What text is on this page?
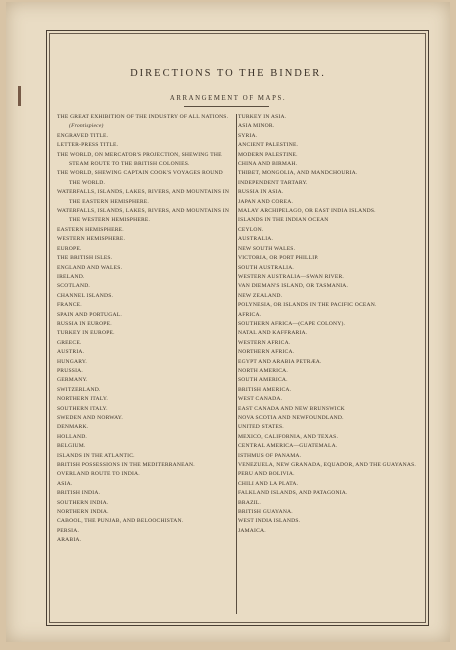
DIRECTIONS TO THE BINDER.
ARRANGEMENT OF MAPS.

THE GREAT EXHIBITION OF THE INDUSTRY OF ALL NATIONS. (Frontispiece)

ENGRAVED TITLE.

LETTER-PRESS TITLE.

THE WORLD, ON MERCATOR'S PROJECTION, SHEWING THE STEAM ROUTE TO THE BRITISH COLONIES.

THE WORLD, SHEWING CAPTAIN COOK'S VOYAGES ROUND THE WORLD.

WATERFALLS, ISLANDS, LAKES, RIVERS, AND MOUNTAINS IN THE EASTERN HEMISPHERE.

WATERFALLS, ISLANDS, LAKES, RIVERS, AND MOUNTAINS IN THE WESTERN HEMISPHERE.

EASTERN HEMISPHERE.

WESTERN HEMISPHERE.

EUROPE.

THE BRITISH ISLES.

ENGLAND AND WALES.

IRELAND.

SCOTLAND.

CHANNEL ISLANDS.

FRANCE.

SPAIN AND PORTUGAL.

RUSSIA IN EUROPE.

TURKEY IN EUROPE.

GREECE.

AUSTRIA.

HUNGARY.

PRUSSIA.

GERMANY.

SWITZERLAND.

NORTHERN ITALY.

SOUTHERN ITALY.

SWEDEN AND NORWAY.

DENMARK.

HOLLAND.

BELGIUM.

ISLANDS IN THE ATLANTIC.

BRITISH POSSESSIONS IN THE MEDITERRANEAN.

OVERLAND ROUTE TO INDIA.

ASIA.

BRITISH INDIA.

SOUTHERN INDIA.

NORTHERN INDIA.

CABOOL, THE PUNJAB, AND BELOOCHISTAN.

PERSIA.

ARABIA.

TURKEY IN ASIA.

ASIA MINOR.

SYRIA.

ANCIENT PALESTINE.

MODERN PALESTINE.

CHINA AND BIRMAH.

THIBET, MONGOLIA, AND MANDCHOURIA.

INDEPENDENT TARTARY.

RUSSIA IN ASIA.

JAPAN AND COREA.

MALAY ARCHIPELAGO, OR EAST INDIA ISLANDS.

ISLANDS IN THE INDIAN OCEAN

CEYLON.

AUSTRALIA.

NEW SOUTH WALES.

VICTORIA, OR PORT PHILLIP.

SOUTH AUSTRALIA.

WESTERN AUSTRALIA—SWAN RIVER.

VAN DIEMAN'S ISLAND, OR TASMANIA.

NEW ZEALAND.

POLYNESIA, OR ISLANDS IN THE PACIFIC OCEAN.

AFRICA.

SOUTHERN AFRICA—(CAPE COLONY).

NATAL AND KAFFRARIA.

WESTERN AFRICA.

NORTHERN AFRICA.

EGYPT AND ARABIA PETRÆA.

NORTH AMERICA.

SOUTH AMERICA.

BRITISH AMERICA.

WEST CANADA.

EAST CANADA AND NEW BRUNSWICK

NOVA SCOTIA AND NEWFOUNDLAND.

UNITED STATES.

MEXICO, CALIFORNIA, AND TEXAS.

CENTRAL AMERICA—GUATEMALA.

ISTHMUS OF PANAMA.

VENEZUELA, NEW GRANADA, EQUADOR, AND THE GUAYANAS.

PERU AND BOLIVIA.

CHILI AND LA PLATA.

FALKLAND ISLANDS, AND PATAGONIA.

BRAZIL.

BRITISH GUAYANA.

WEST INDIA ISLANDS.

JAMAICA.
